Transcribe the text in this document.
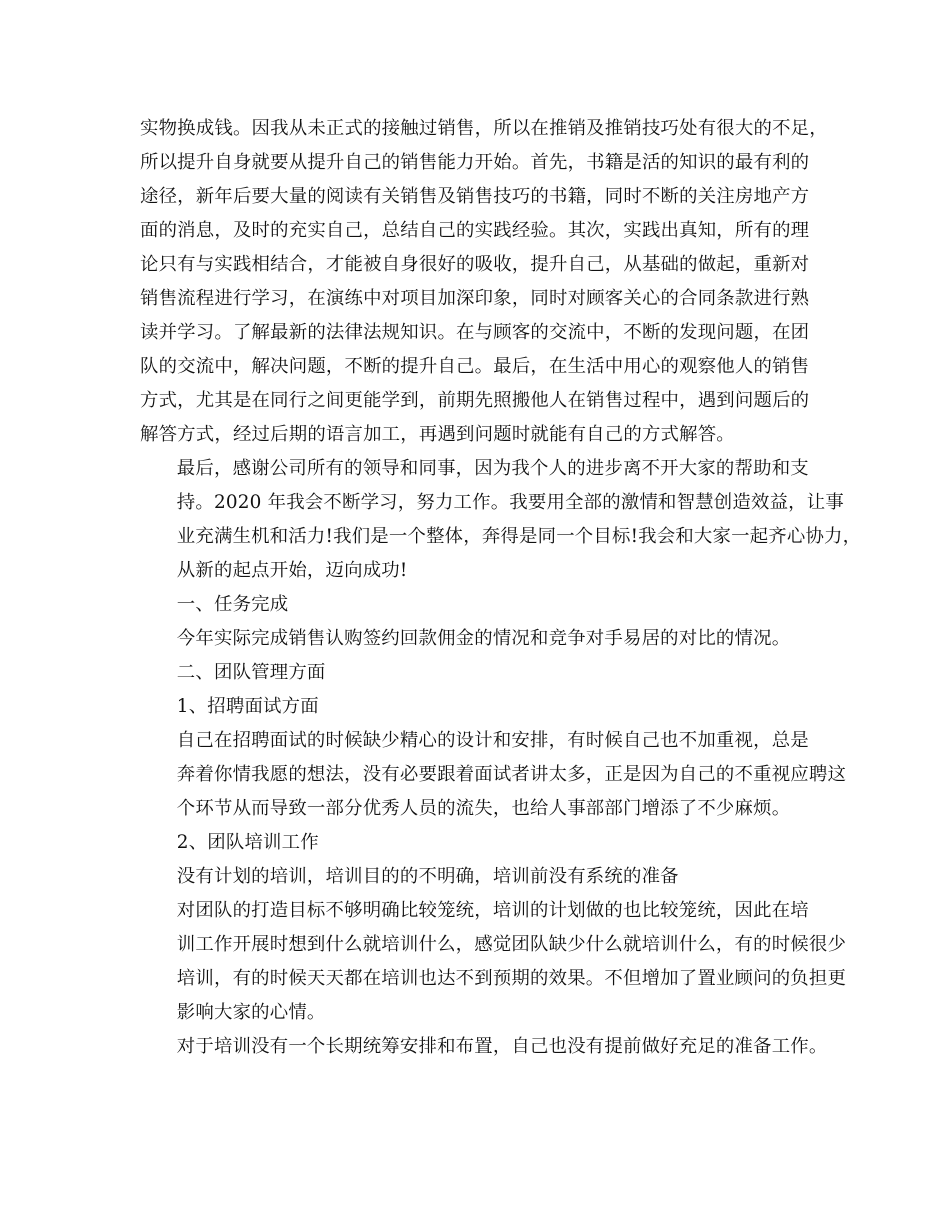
实物换成钱。因我从未正式的接触过销售，所以在推销及推销技巧处有很大的不足，
所以提升自身就要从提升自己的销售能力开始。首先，书籍是活的知识的最有利的
途径，新年后要大量的阅读有关销售及销售技巧的书籍，同时不断的关注房地产方
面的消息，及时的充实自己，总结自己的实践经验。其次，实践出真知，所有的理
论只有与实践相结合，才能被自身很好的吸收，提升自己，从基础的做起，重新对
销售流程进行学习，在演练中对项目加深印象，同时对顾客关心的合同条款进行熟
读并学习。了解最新的法律法规知识。在与顾客的交流中，不断的发现问题，在团
队的交流中，解决问题，不断的提升自己。最后，在生活中用心的观察他人的销售
方式，尤其是在同行之间更能学到，前期先照搬他人在销售过程中，遇到问题后的
解答方式，经过后期的语言加工，再遇到问题时就能有自己的方式解答。

最后，感谢公司所有的领导和同事，因为我个人的进步离不开大家的帮助和支
持。2020 年我会不断学习，努力工作。我要用全部的激情和智慧创造效益，让事
业充满生机和活力!我们是一个整体，奔得是同一个目标!我会和大家一起齐心协力，
从新的起点开始，迈向成功!

一、任务完成

今年实际完成销售认购签约回款佣金的情况和竞争对手易居的对比的情况。

二、团队管理方面

1、招聘面试方面

自己在招聘面试的时候缺少精心的设计和安排，有时候自己也不加重视，总是
奔着你情我愿的想法，没有必要跟着面试者讲太多，正是因为自己的不重视应聘这
个环节从而导致一部分优秀人员的流失，也给人事部部门增添了不少麻烦。

2、团队培训工作

没有计划的培训，培训目的的不明确，培训前没有系统的准备

对团队的打造目标不够明确比较笼统，培训的计划做的也比较笼统，因此在培
训工作开展时想到什么就培训什么，感觉团队缺少什么就培训什么，有的时候很少
培训，有的时候天天都在培训也达不到预期的效果。不但增加了置业顾问的负担更
影响大家的心情。

对于培训没有一个长期统筹安排和布置，自己也没有提前做好充足的准备工作。
